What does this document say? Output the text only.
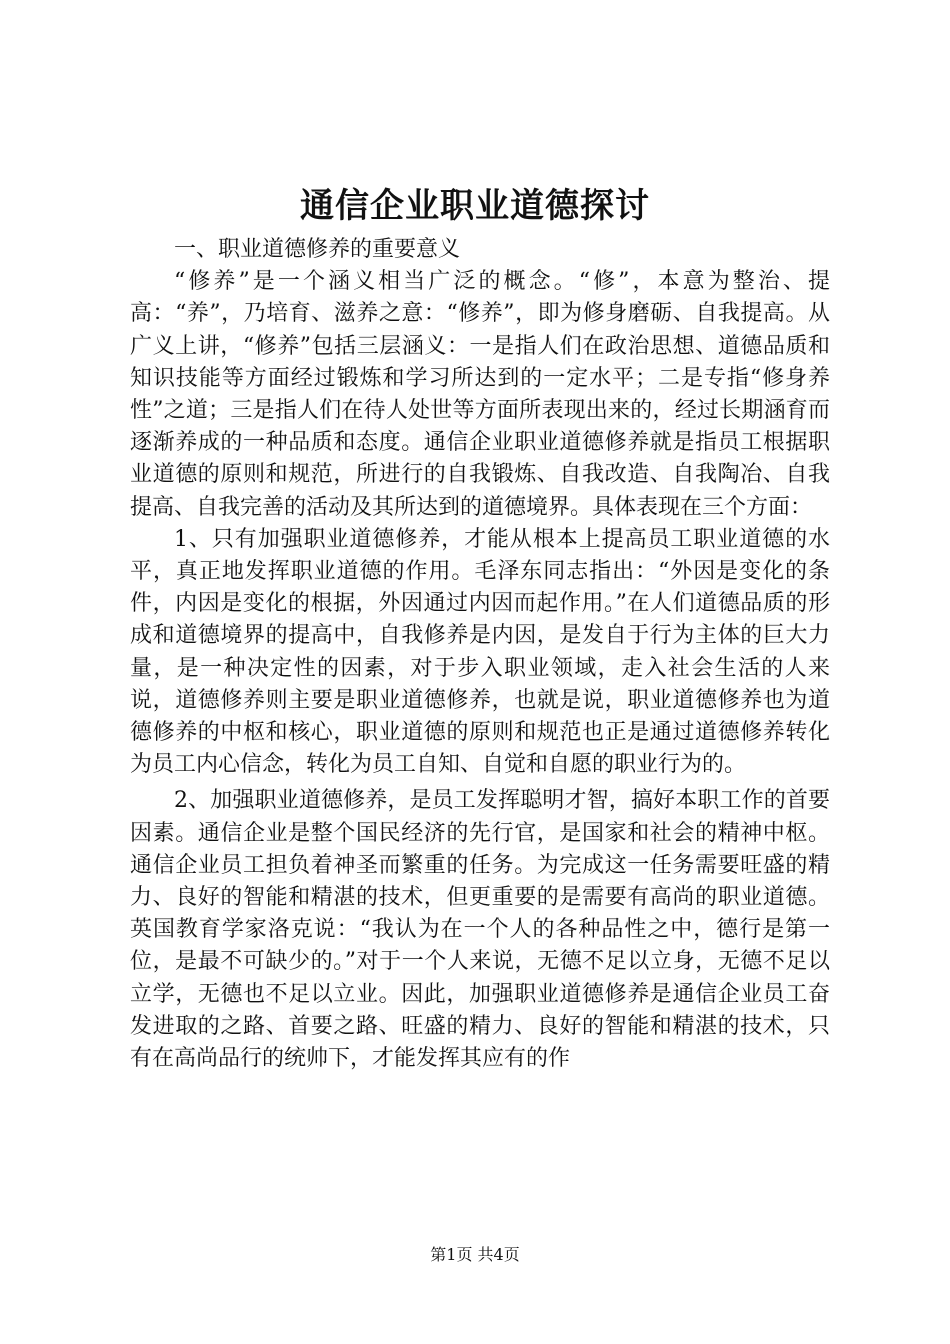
通信企业职业道德探讨

一、职业道德修养的重要意义

“修养”是一个涵义相当广泛的概念。“修”，本意为整治、提高：“养”，乃培育、滋养之意：“修养”，即为修身磨砺、自我提高。从广义上讲，“修养”包括三层涵义：一是指人们在政治思想、道德品质和知识技能等方面经过锻炼和学习所达到的一定水平；二是专指“修身养性”之道；三是指人们在待人处世等方面所表现出来的，经过长期涵育而逐渐养成的一种品质和态度。通信企业职业道德修养就是指员工根据职业道德的原则和规范，所进行的自我锻炼、自我改造、自我陶冶、自我提高、自我完善的活动及其所达到的道德境界。具体表现在三个方面：

1、只有加强职业道德修养，才能从根本上提高员工职业道德的水平，真正地发挥职业道德的作用。毛泽东同志指出：“外因是变化的条件，内因是变化的根据，外因通过内因而起作用。”在人们道德品质的形成和道德境界的提高中，自我修养是内因，是发自于行为主体的巨大力量，是一种决定性的因素，对于步入职业领域，走入社会生活的人来说，道德修养则主要是职业道德修养，也就是说，职业道德修养也为道德修养的中枢和核心，职业道德的原则和规范也正是通过道德修养转化为员工内心信念，转化为员工自知、自觉和自愿的职业行为的。

2、加强职业道德修养，是员工发挥聪明才智，搞好本职工作的首要因素。通信企业是整个国民经济的先行官，是国家和社会的精神中枢。通信企业员工担负着神圣而繁重的任务。为完成这一任务需要旺盛的精力、良好的智能和精湛的技术，但更重要的是需要有高尚的职业道德。英国教育学家洛克说：“我认为在一个人的各种品性之中，德行是第一位，是最不可缺少的。”对于一个人来说，无德不足以立身，无德不足以立学，无德也不足以立业。因此，加强职业道德修养是通信企业员工奋发进取的之路、首要之路、旺盛的精力、良好的智能和精湛的技术，只有在高尚品行的统帅下，才能发挥其应有的作

第1页 共4页
